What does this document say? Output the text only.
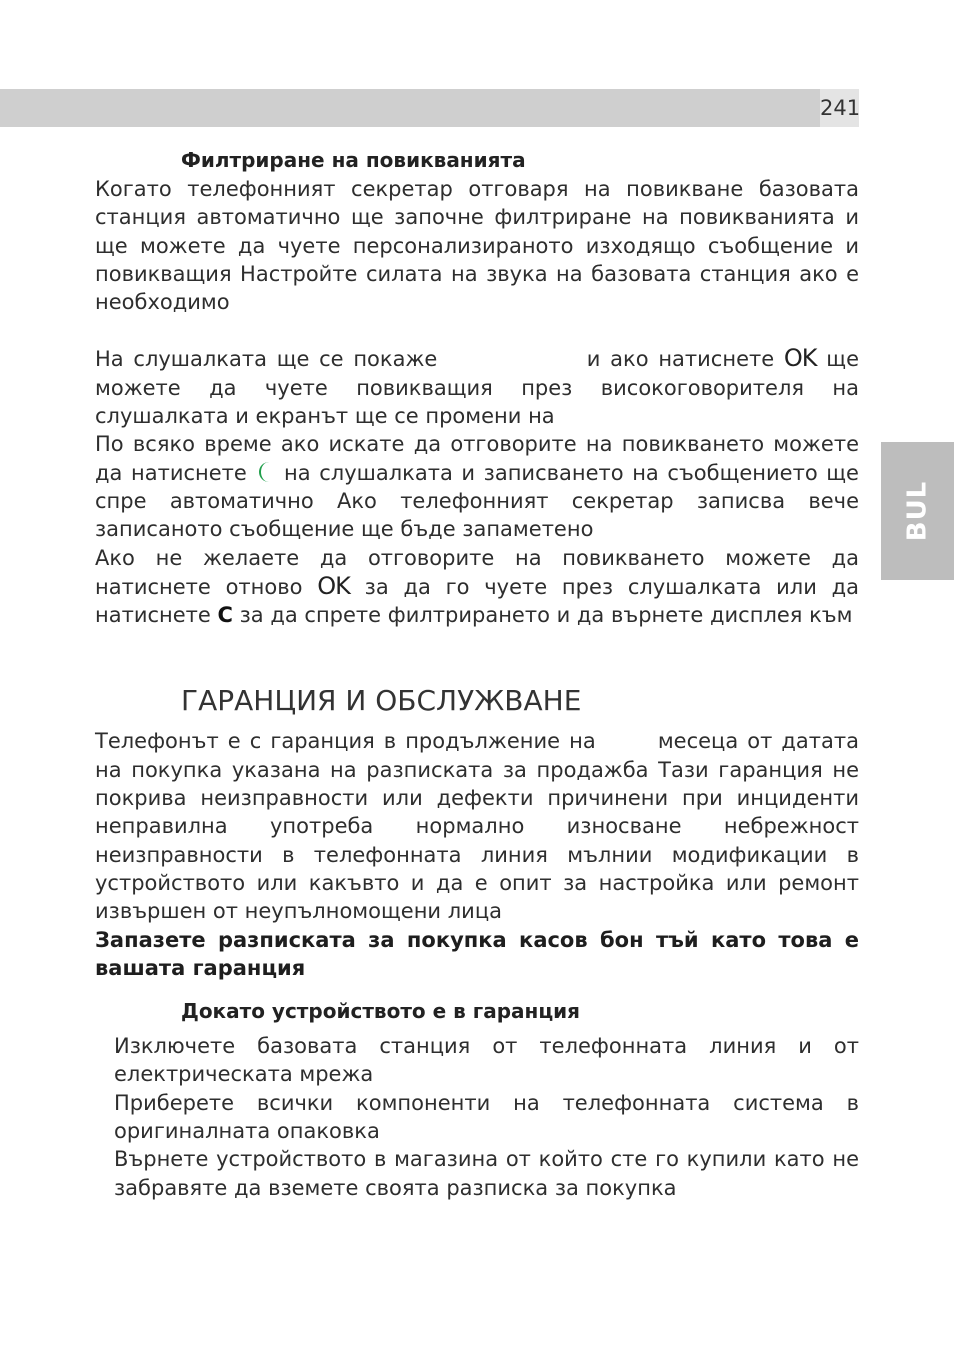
241
BUL

Филтриране на повикванията

Когато телефонният секретар отговаря на повикване базовата станция автоматично ще започне филтриране на повикванията и ще можете да чуете персонализираното изходящо съобщение и повикващия Настройте силата на звука на базовата станция ако е необходимо

На слушалката ще се покаже	и ако натиснете OK ще можете да чуете повикващия през високоговорителя на слушалката и екранът ще се промени на

По всяко време ако искате да отговорите на повикването можете да натиснете на слушалката и записването на съобщението ще спре автоматично Ако телефонният секретар записва вече записаното съобщение ще бъде запаметено

Ако не желаете да отговорите на повикването можете да натиснете отново OK за да го чуете през слушалката или да натиснете C за да спрете филтрирането и да върнете дисплея към

ГАРАНЦИЯ И ОБСЛУЖВАНЕ

Телефонът е с гаранция в продължение на	месеца от датата на покупка указана на разписката за продажба Тази гаранция не покрива неизправности или дефекти причинени при инциденти неправилна употреба нормално износване небрежност неизправности в телефонната линия мълнии модификации в устройството или какъвто и да е опит за настройка или ремонт извършен от неупълномощени лица

Запазете разписката за покупка касов бон тъй като това е вашата гаранция

Докато устройството е в гаранция

Изключете базовата станция от телефонната линия и от електрическата мрежа

Приберете всички компоненти на телефонната система в оригиналната опаковка

Върнете устройството в магазина от който сте го купили като не забравяте да вземете своята разписка за покупка
